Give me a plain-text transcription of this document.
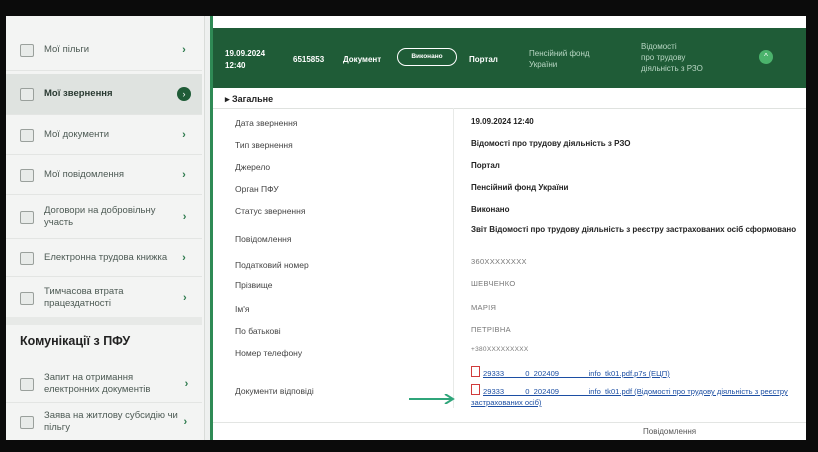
Мої пільги	›
Мої звернення	›
Мої документи	›
Мої повідомлення	›
Договори на добровільну участь	›
Електронна трудова книжка	›
Тимчасова втрата працездатності	›
Комунікації з ПФУ
Запит на отримання електронних документів	›
Заява на житлову субсидію чи пільгу	›
19.09.2024
12:40
6515853 Документ	Виконано	Портал
Пенсійний фонд
України
Відомості
про трудову
діяльність з РЗО
^
▸ Загальне
Дата звернення	19.09.2024 12:40
Тип звернення	Відомості про трудову діяльність з РЗО
Джерело	Портал
Орган ПФУ	Пенсійний фонд України
Статус звернення	Виконано
Повідомлення
Звіт Відомості про трудову діяльність з реєстру застрахованих осіб сформовано
Податковий номер	360XXXXXXXX
Прізвище	ШЕВЧЕНКО
Ім'я	МАРІЯ
По батькові	ПЕТРІВНА
Номер телефону	+380XXXXXXXXX
Документи відповіді
29333_____0_202409_______info_tk01.pdf.p7s (ЕЦП)
29333_____0_202409_______info_tk01.pdf (Відомості про трудову діяльність з реєстру застрахованих осіб)
Повідомлення
